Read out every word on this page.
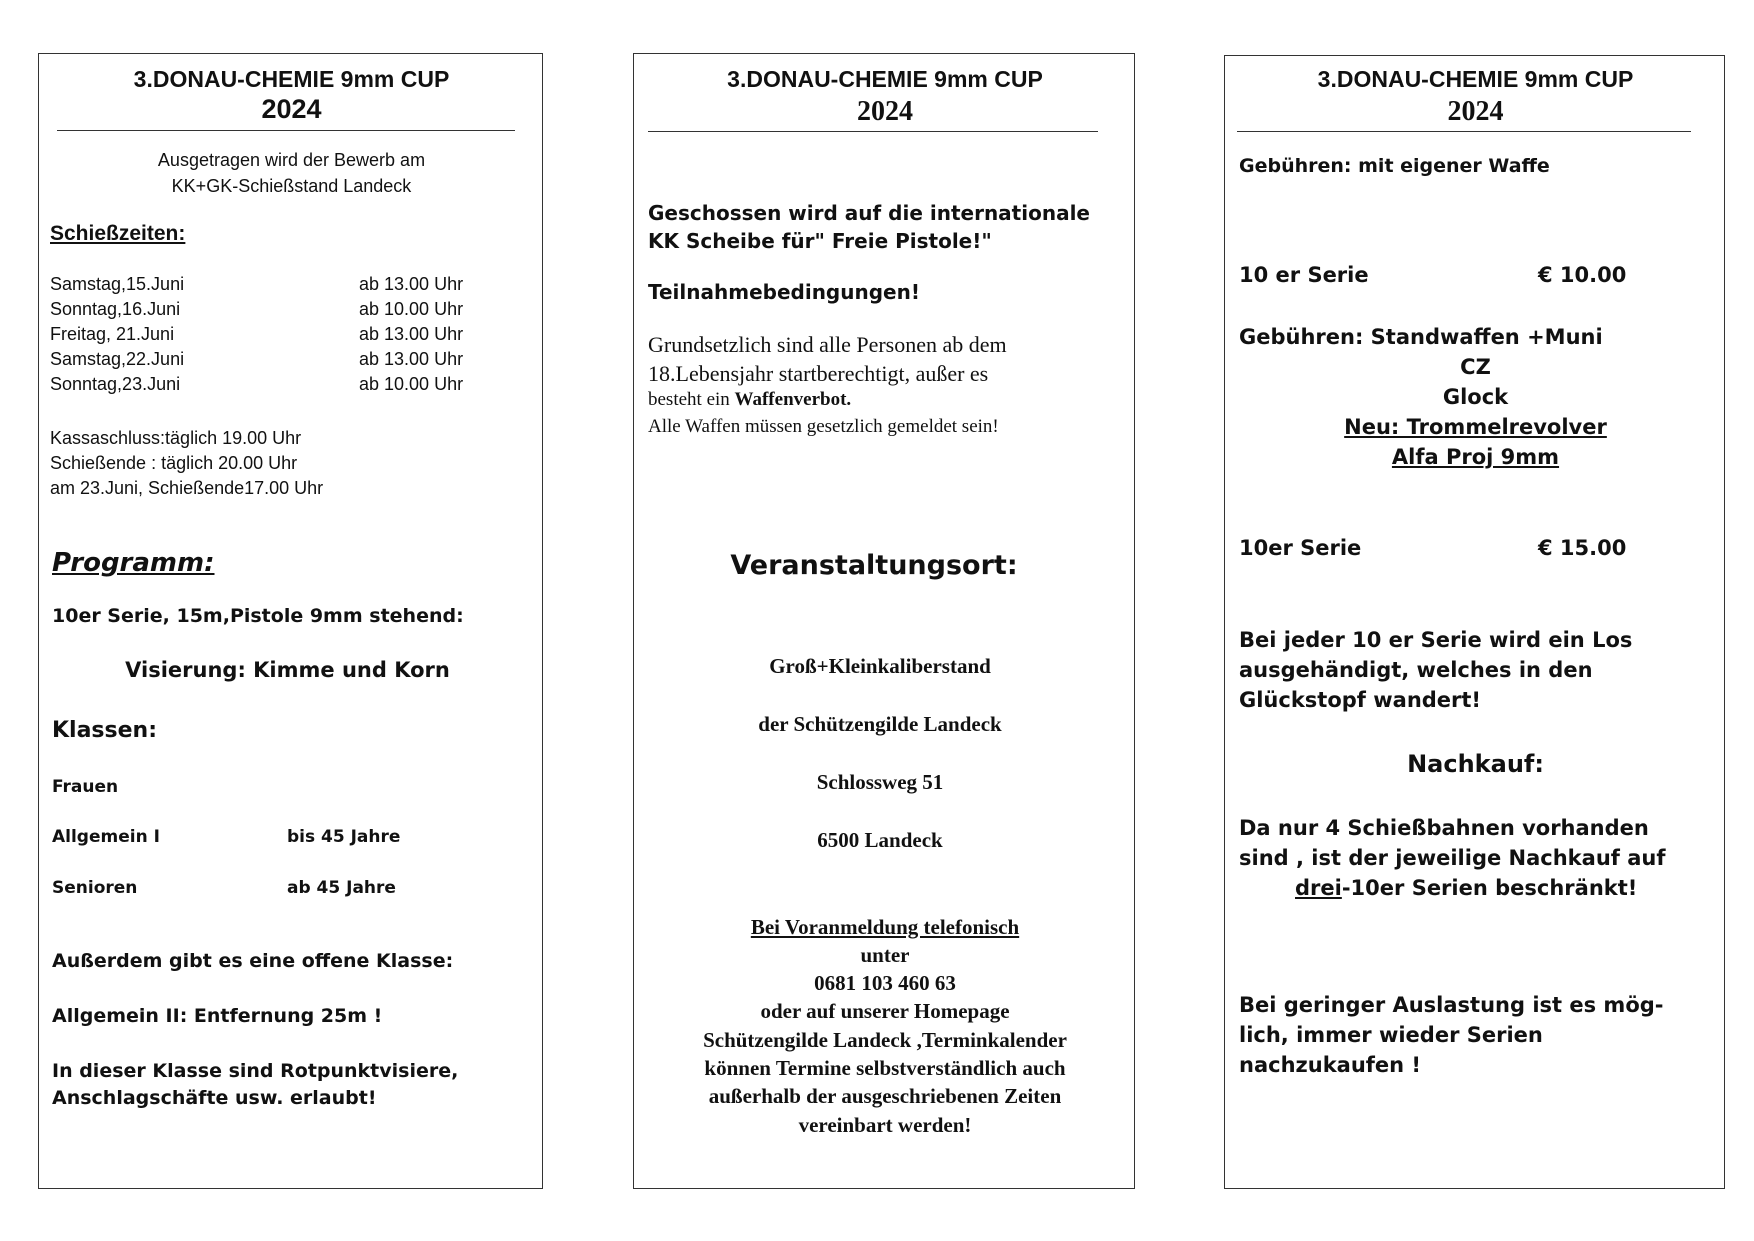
3.DONAU-CHEMIE 9mm CUP
2024
Ausgetragen wird der Bewerb am
KK+GK-Schießstand Landeck
Schießzeiten:
Samstag,15.Juni	ab 13.00 Uhr
Sonntag,16.Juni	ab 10.00 Uhr
Freitag, 21.Juni	ab 13.00 Uhr
Samstag,22.Juni	ab 13.00 Uhr
Sonntag,23.Juni	ab 10.00 Uhr
Kassaschluss:täglich 19.00 Uhr
Schießende : täglich 20.00 Uhr
am 23.Juni, Schießende17.00 Uhr
Programm:
10er Serie, 15m,Pistole 9mm stehend:
Visierung: Kimme und Korn
Klassen:
Frauen
Allgemein I	bis 45 Jahre
Senioren	ab 45 Jahre
Außerdem gibt es eine offene Klasse:
Allgemein II: Entfernung 25m !
In dieser Klasse sind Rotpunktvisiere,
Anschlagschäfte usw. erlaubt!
3.DONAU-CHEMIE 9mm CUP
2024
Geschossen wird auf die internationale
KK Scheibe für" Freie Pistole!"
Teilnahmebedingungen!
Grundsetzlich sind alle Personen ab dem
18.Lebensjahr startberechtigt, außer es
besteht ein Waffenverbot.
Alle Waffen müssen gesetzlich gemeldet sein!
Veranstaltungsort:
Groß+Kleinkaliberstand
der Schützengilde Landeck
Schlossweg 51
6500 Landeck
Bei Voranmeldung telefonisch
unter
0681 103 460 63
oder auf unserer Homepage
Schützengilde Landeck ,Terminkalender
können Termine selbstverständlich auch
außerhalb der ausgeschriebenen Zeiten
vereinbart werden!
3.DONAU-CHEMIE 9mm CUP
2024
Gebühren: mit eigener Waffe
10 er Serie	€ 10.00
Gebühren: Standwaffen +Muni
CZ
Glock
Neu: Trommelrevolver
Alfa Proj 9mm
10er Serie	€ 15.00
Bei jeder 10 er Serie wird ein Los
ausgehändigt, welches in den
Glückstopf wandert!
Nachkauf:
Da nur 4 Schießbahnen vorhanden
sind , ist der jeweilige Nachkauf auf
drei-10er Serien beschränkt!
Bei geringer Auslastung ist es mög-
lich, immer wieder Serien
nachzukaufen !
